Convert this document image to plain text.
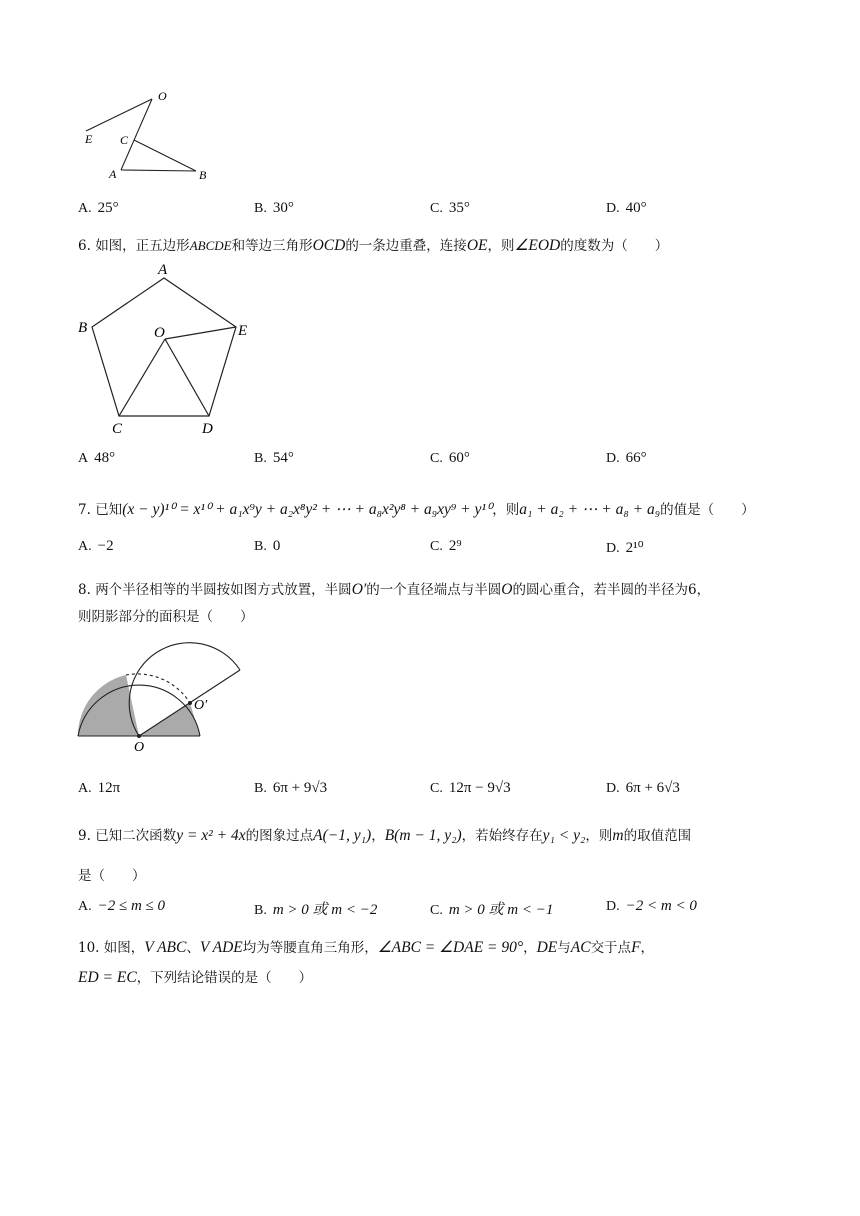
O
E C
A	B
A. 25°	B. 30°	C. 35°	D. 40°
6. 如图，正五边形ABCDE和等边三角形OCD的一条边重叠，连接OE，则∠EOD的度数为（　　）
A
B	O	E
C	D
A 48°	B. 54°	C. 60°	D. 66°
7. 已知(x − y)¹⁰ = x¹⁰ + a₁x⁹y + a₂x⁸y² + ⋯ + a₈x²y⁸ + a₉xy⁹ + y¹⁰，则a₁ + a₂ + ⋯ + a₈ + a₉的值是（　　）
A. −2	B. 0	C. 2⁹	D. 2¹⁰
8. 两个半径相等的半圆按如图方式放置，半圆O′的一个直径端点与半圆O的圆心重合，若半圆的半径为6，
则阴影部分的面积是（　　）
O
O′
A. 12π	B. 6π + 9√3	C. 12π − 9√3	D. 6π + 6√3
9. 已知二次函数y = x² + 4x的图象过点A(−1, y₁)，B(m − 1, y₂)，若始终存在y₁ < y₂，则m的取值范围
是（　　）
A. −2 ≤ m ≤ 0	B. m > 0 或 m < −2	C. m > 0 或 m < −1	D. −2 < m < 0
10. 如图，V ABC、V ADE均为等腰直角三角形，∠ABC = ∠DAE = 90°，DE与AC交于点F，
ED = EC，下列结论错误的是（　　）
